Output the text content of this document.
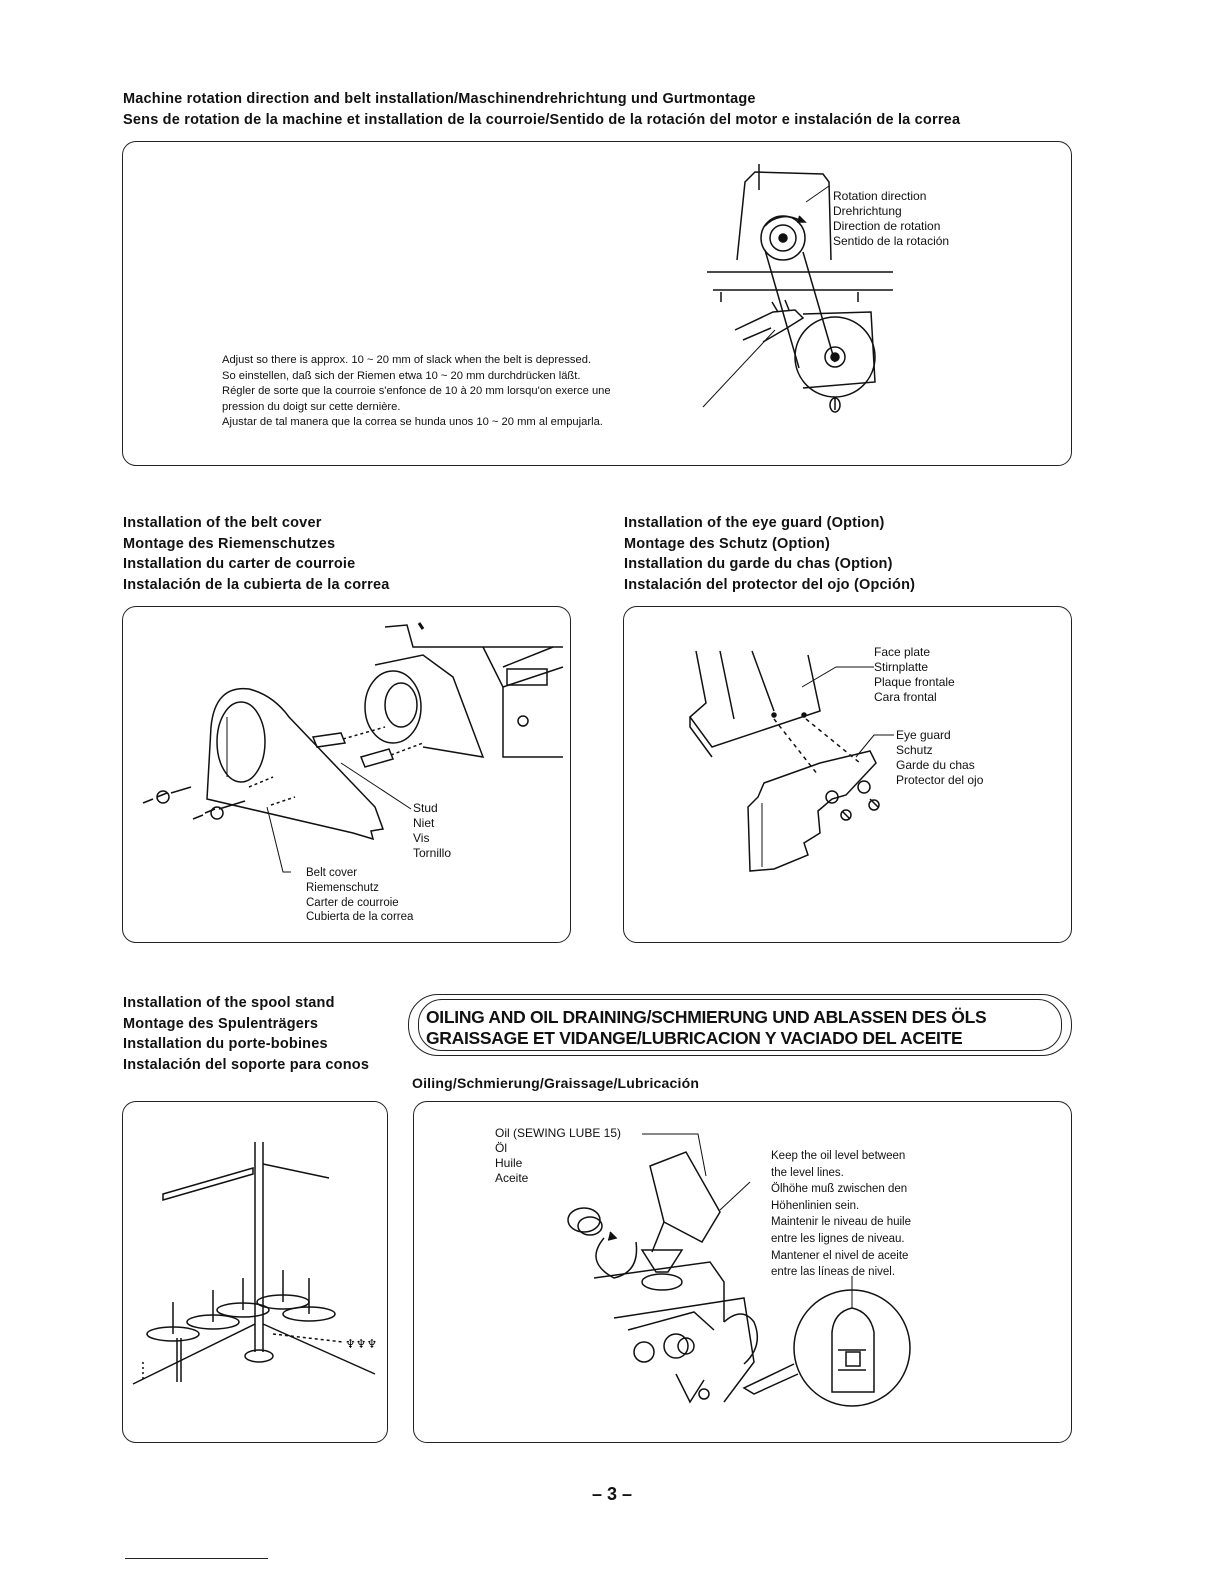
Machine rotation direction and belt installation/Maschinendrehrichtung und Gurtmontage
Sens de rotation de la machine et installation de la courroie/Sentido de la rotación del motor e instalación de la correa
Rotation direction
Drehrichtung
Direction de rotation
Sentido de la rotación
Adjust so there is approx. 10 ~ 20 mm of slack when the belt is depressed.
So einstellen, daß sich der Riemen etwa 10 ~ 20 mm durchdrücken läßt.
Régler de sorte que la courroie s'enfonce de 10 à 20 mm lorsqu'on exerce une
pression du doigt sur cette dernière.
Ajustar de tal manera que la correa se hunda unos 10 ~ 20 mm al empujarla.
Installation of the belt cover
Montage des Riemenschutzes
Installation du carter de courroie
Instalación de la cubierta de la correa
Stud
Niet
Vis
Tornillo
Belt cover
Riemenschutz
Carter de courroie
Cubierta de la correa
Installation of the eye guard (Option)
Montage des Schutz (Option)
Installation du garde du chas (Option)
Instalación del protector del ojo (Opción)
Face plate
Stirnplatte
Plaque frontale
Cara frontal
Eye guard
Schutz
Garde du chas
Protector del ojo
Installation of the spool stand
Montage des Spulenträgers
Installation du porte-bobines
Instalación del soporte para conos
♆♆♆
OILING AND OIL DRAINING/SCHMIERUNG UND ABLASSEN DES ÖLS
GRAISSAGE ET VIDANGE/LUBRICACION Y VACIADO DEL ACEITE
Oiling/Schmierung/Graissage/Lubricación
Oil (SEWING LUBE 15)
Öl
Huile
Aceite
Keep the oil level between
the level lines.
Ölhöhe muß zwischen den
Höhenlinien sein.
Maintenir le niveau de huile
entre les lignes de niveau.
Mantener el nivel de aceite
entre las líneas de nivel.
– 3 –
